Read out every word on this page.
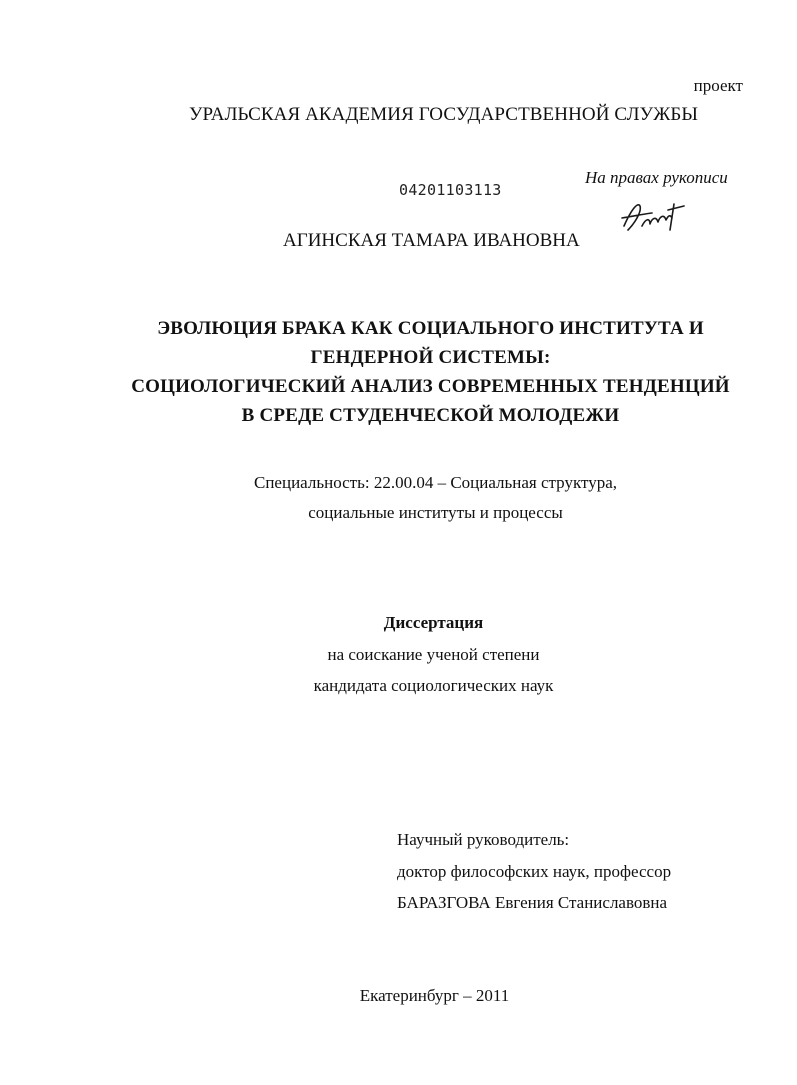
проект
УРАЛЬСКАЯ АКАДЕМИЯ ГОСУДАРСТВЕННОЙ СЛУЖБЫ
04201103113
На правах рукописи
АГИНСКАЯ ТАМАРА ИВАНОВНА
ЭВОЛЮЦИЯ БРАКА КАК СОЦИАЛЬНОГО ИНСТИТУТА И
ГЕНДЕРНОЙ СИСТЕМЫ:
СОЦИОЛОГИЧЕСКИЙ АНАЛИЗ СОВРЕМЕННЫХ ТЕНДЕНЦИЙ
В СРЕДЕ СТУДЕНЧЕСКОЙ МОЛОДЕЖИ
Специальность: 22.00.04 – Социальная структура,
социальные институты и процессы
Диссертация
на соискание ученой степени
кандидата социологических наук
Научный руководитель:
доктор философских наук, профессор
БАРАЗГОВА Евгения Станиславовна
Екатеринбург – 2011
